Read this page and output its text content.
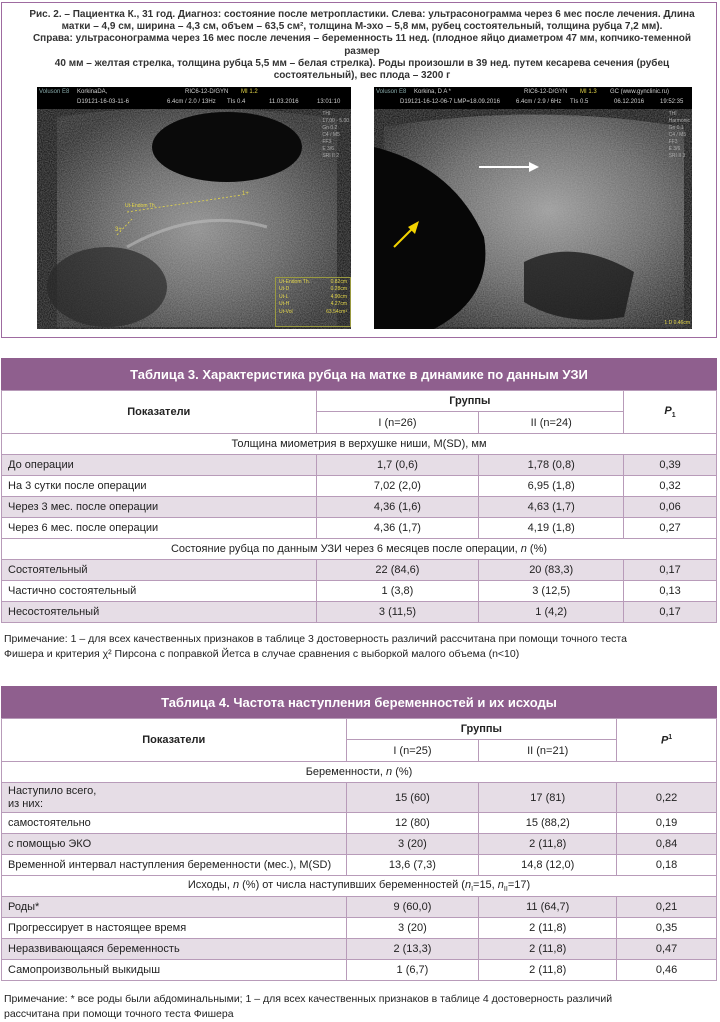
Рис. 2. – Пациентка К., 31 год. Диагноз: состояние после метропластики. Слева: ультрасонограмма через 6 мес после лечения. Длина

матки – 4,9 см, ширина – 4,3 см, объем – 63,5 см², толщина М-эхо – 5,8 мм, рубец состоятельный, толщина рубца 7,2 мм).

Справа: ультрасонограмма через 16 мес после лечения – беременность 11 нед. (плодное яйцо диаметром 47 мм, копчико-теменной размер

40 мм – желтая стрелка, толщина рубца 5,5 мм – белая стрелка). Роды произошли в 39 нед. путем кесарева сечения (рубец

состоятельный), вес плода – 3200 г

Voluson E8 KorkinaDA,	RIC6-12-D/GYN MI 1.2
D19121-16-03-11-6	6.4cm / 2.0 / 13Hz TIs 0.4	11.03.2016	13:01:10
THI
17.00 - 5.00
Gn 0.2
C4 / M5
FF3
E 3/6
SRI II 2
Ut-Endom Th.
3+
1+
Ut-Endom Th.	0.82cm
Ut-D	0.28cm
Ut-L	4.90cm
Ut-H	4.27cm
Ut-Vol	63.54cm³
Voluson E8 Korkina, D A *	RIC6-12-D/GYN MI 1.3 GC (www.gynclinic.ru)
D19121-16-12-06-7 LMP=18.09.2016	6.4cm / 2.9 / 6Hz TIs 0.5	06.12.2016	19:52:35
THI
Harmonic
Gn 0.1
C4 / M5
FF3
E 3/6
SRI II 3
1 D 0.46cm
Таблица 3. Характеристика рубца на матке в динамике по данным УЗИ
Показатели	Группы		$P_1$
	I (n=26)	II (n=24)	
Толщина миометрия в верхушке ниши, M(SD), мм			
До операции	1,7 (0,6)	1,78 (0,8)	0,39
На 3 сутки после операции	7,02 (2,0)	6,95 (1,8)	0,32
Через 3 мес. после операции	4,36 (1,6)	4,63 (1,7)	0,06
Через 6 мес. после операции	4,36 (1,7)	4,19 (1,8)	0,27
Состояние рубца по данным УЗИ через 6 месяцев после операции, n (%)			
Состоятельный	22 (84,6)	20 (83,3)	0,17
Частично состоятельный	1 (3,8)	3 (12,5)	0,13
Несостоятельный	3 (11,5)	1 (4,2)	0,17
Примечание: 1 – для всех качественных признаков в таблице 3 достоверность различий рассчитана при помощи точного теста
Фишера и критерия χ² Пирсона с поправкой Йетса в случае сравнения с выборкой малого объема (n<10)
Таблица 4. Частота наступления беременностей и их исходы
Показатели	Группы		$P^1$
	I (n=25)	II (n=21)	
Беременности, n (%)			

Наступило всего,
из них:	15 (60)	17 (81)	0,22
самостоятельно	12 (80)	15 (88,2)	0,19
с помощью ЭКО	3 (20)	2 (11,8)	0,84
Временной интервал наступления беременности (мес.), M(SD)	13,6 (7,3)	14,8 (12,0)	0,18
Исходы, n (%) от числа наступивших беременностей ($n_I=15$, $n_{II}=17$)			
Роды*	9 (60,0)	11 (64,7)	0,21
Прогрессирует в настоящее время	3 (20)	2 (11,8)	0,35
Неразвивающаяся беременность	2 (13,3)	2 (11,8)	0,47
Самопроизвольный выкидыш	1 (6,7)	2 (11,8)	0,46
Примечание: * все роды были абдоминальными; 1 – для всех качественных признаков в таблице 4 достоверность различий
рассчитана при помощи точного теста Фишера
